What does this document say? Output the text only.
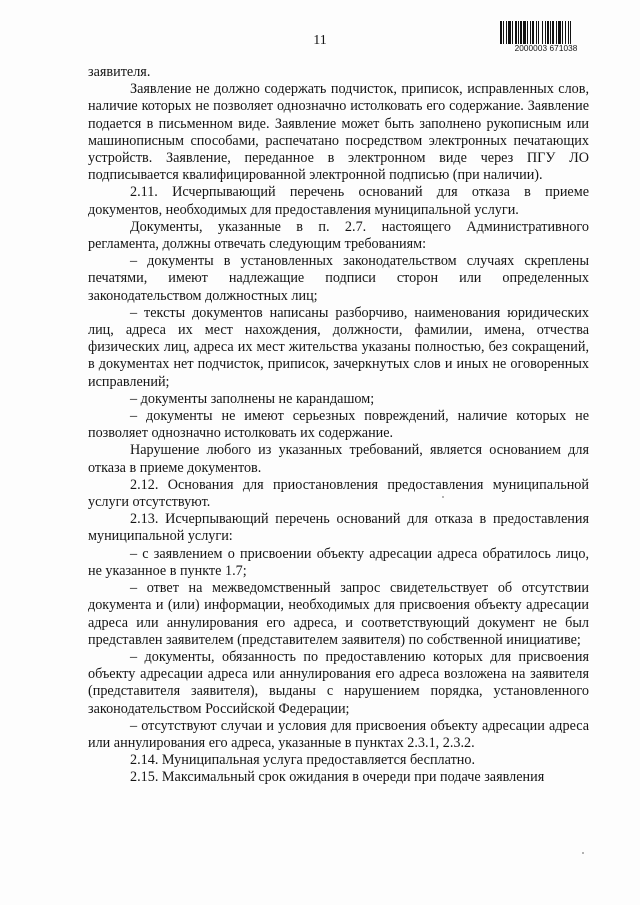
11
2000003 671038

заявителя.

Заявление не должно содержать подчисток, приписок, исправленных слов, наличие которых не позволяет однозначно истолковать его содержание. Заявление подается в письменном виде. Заявление может быть заполнено рукописным или машинописным способами, распечатано посредством электронных печатающих устройств. Заявление, переданное в электронном виде через ПГУ ЛО подписывается квалифицированной электронной подписью (при наличии).

2.11. Исчерпывающий перечень оснований для отказа в приеме документов, необходимых для предоставления муниципальной услуги.

Документы, указанные в п. 2.7. настоящего Административного регламента, должны отвечать следующим требованиям:

– документы в установленных законодательством случаях скреплены печатями, имеют надлежащие подписи сторон или определенных законодательством должностных лиц;

– тексты документов написаны разборчиво, наименования юридических лиц, адреса их мест нахождения, должности, фамилии, имена, отчества физических лиц, адреса их мест жительства указаны полностью, без сокращений, в документах нет подчисток, приписок, зачеркнутых слов и иных не оговоренных исправлений;

– документы заполнены не карандашом;

– документы не имеют серьезных повреждений, наличие которых не позволяет однозначно истолковать их содержание.

Нарушение любого из указанных требований, является основанием для отказа в приеме документов.

2.12. Основания для приостановления предоставления муниципальной услуги отсутствуют.

2.13. Исчерпывающий перечень оснований для отказа в предоставления муниципальной услуги:

– с заявлением о присвоении объекту адресации адреса обратилось лицо, не указанное в пункте 1.7;

– ответ на межведомственный запрос свидетельствует об отсутствии документа и (или) информации, необходимых для присвоения объекту адресации адреса или аннулирования его адреса, и соответствующий документ не был представлен заявителем (представителем заявителя) по собственной инициативе;

– документы, обязанность по предоставлению которых для присвоения объекту адресации адреса или аннулирования его адреса возложена на заявителя (представителя заявителя), выданы с нарушением порядка, установленного законодательством Российской Федерации;

– отсутствуют случаи и условия для присвоения объекту адресации адреса или аннулирования его адреса, указанные в пунктах 2.3.1, 2.3.2.

2.14. Муниципальная услуга предоставляется бесплатно.

2.15. Максимальный срок ожидания в очереди при подаче заявления
